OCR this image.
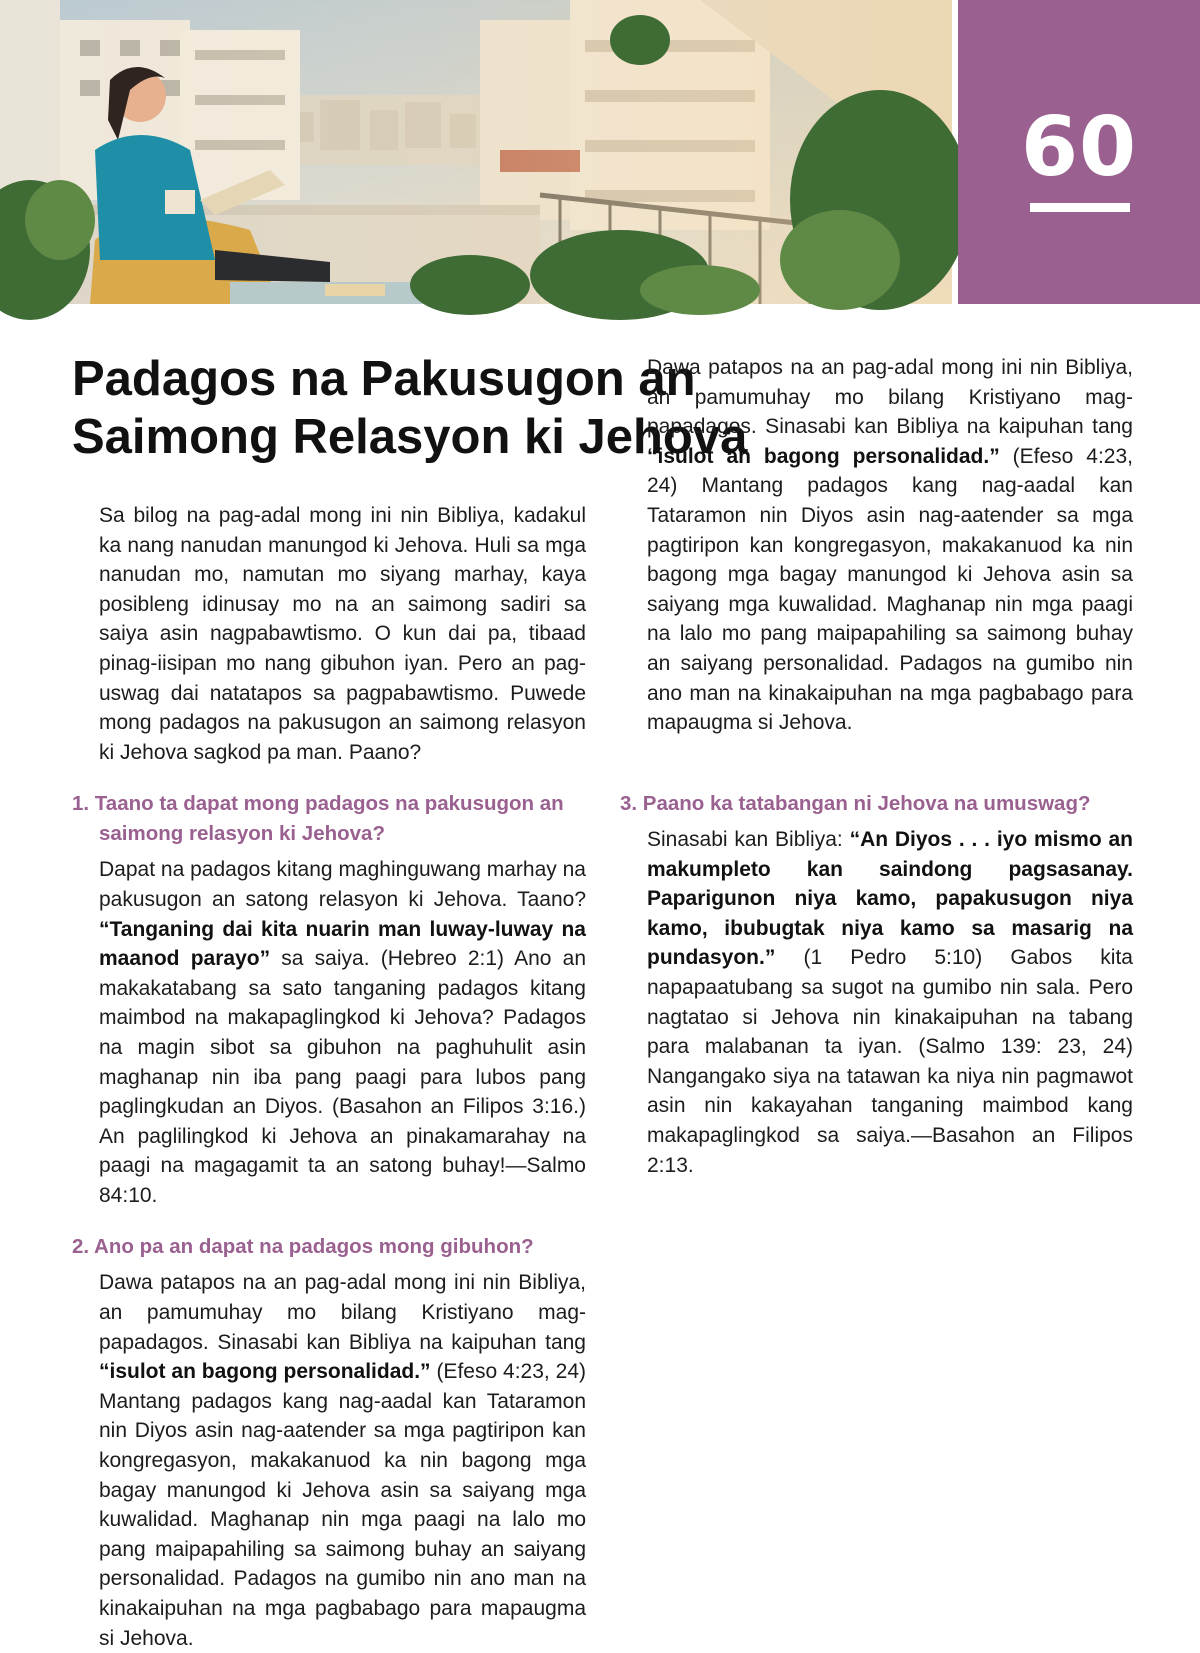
60
Padagos na Pakusugon an
Saimong Relasyon ki Jehova

Sa bilog na pag-adal mong ini nin Bibliya, kadakul ka nang nanudan manungod ki Jehova. Huli sa mga nanudan mo, namutan mo siyang marhay, kaya posibleng idinusay mo na an saimong sadiri sa saiya asin nagpabawtismo. O kun dai pa, tibaad pinag-iisipan mo nang gibuhon iyan. Pero an pag-uswag dai natatapos sa pagpabawtismo. Puwede mong padagos na pakusugon an saimong relasyon ki Jehova sagkod pa man. Paano?

1. Taano ta dapat mong padagos na pakusugon an saimong relasyon ki Jehova?

Dapat na padagos kitang maghinguwang marhay na pakusugon an satong relasyon ki Jehova. Taano? “Tanganing dai kita nuarin man luway-luway na maanod parayo” sa saiya. (Hebreo 2:1) Ano an makakatabang sa sato tanganing padagos kitang maimbod na makapaglingkod ki Jehova? Padagos na magin sibot sa gibuhon na paghuhulit asin maghanap nin iba pang paagi para lubos pang paglingkudan an Diyos. (Basahon an Filipos 3:16.) An paglilingkod ki Jehova an pinakamarahay na paagi na magagamit ta an satong buhay!—Salmo 84:10.

2. Ano pa an dapat na padagos mong gibuhon?

Dawa patapos na an pag-adal mong ini nin Bibliya, an pamumuhay mo bilang Kristiyano magpapadagos. Sinasabi kan Bibliya na kaipuhan tang “isulot an bagong personalidad.” (Efeso 4:23, 24) Mantang padagos kang nag-aadal kan Tataramon nin Diyos asin nag-aatender sa mga pagtiripon kan kongregasyon, makakanuod ka nin bagong mga bagay manungod ki Jehova asin sa saiyang mga kuwalidad. Maghanap nin mga paagi na lalo mo pang maipapahiling sa saimong buhay an saiyang personalidad. Padagos na gumibo nin ano man na kinakaipuhan na mga pagbabago para mapaugma si Jehova.

Dawa patapos na an pag-adal mong ini nin Bibliya, an pamumuhay mo bilang Kristiyano magpapadagos. Sinasabi kan Bibliya na kaipuhan tang “isulot an bagong personalidad.” (Efeso 4:23, 24) Mantang padagos kang nag-aadal kan Tataramon nin Diyos asin nag-aatender sa mga pagtiripon kan kongregasyon, makakanuod ka nin bagong mga bagay manungod ki Jehova asin sa saiyang mga kuwalidad. Maghanap nin mga paagi na lalo mo pang maipapahiling sa saimong buhay an saiyang personalidad. Padagos na gumibo nin ano man na kinakaipuhan na mga pagbabago para mapaugma si Jehova.

3. Paano ka tatabangan ni Jehova na umuswag?

Sinasabi kan Bibliya: “An Diyos . . . iyo mismo an makumpleto kan saindong pagsasanay. Paparigunon niya kamo, papakusugon niya kamo, ibubugtak niya kamo sa masarig na pundasyon.” (1 Pedro 5:10) Gabos kita napapaatubang sa sugot na gumibo nin sala. Pero nagtatao si Jehova nin kinakaipuhan na tabang para malabanan ta iyan. (Salmo 139: 23, 24) Nangangako siya na tatawan ka niya nin pagmawot asin nin kakayahan tanganing maimbod kang makapaglingkod sa saiya.—Basahon an Filipos 2:13.
